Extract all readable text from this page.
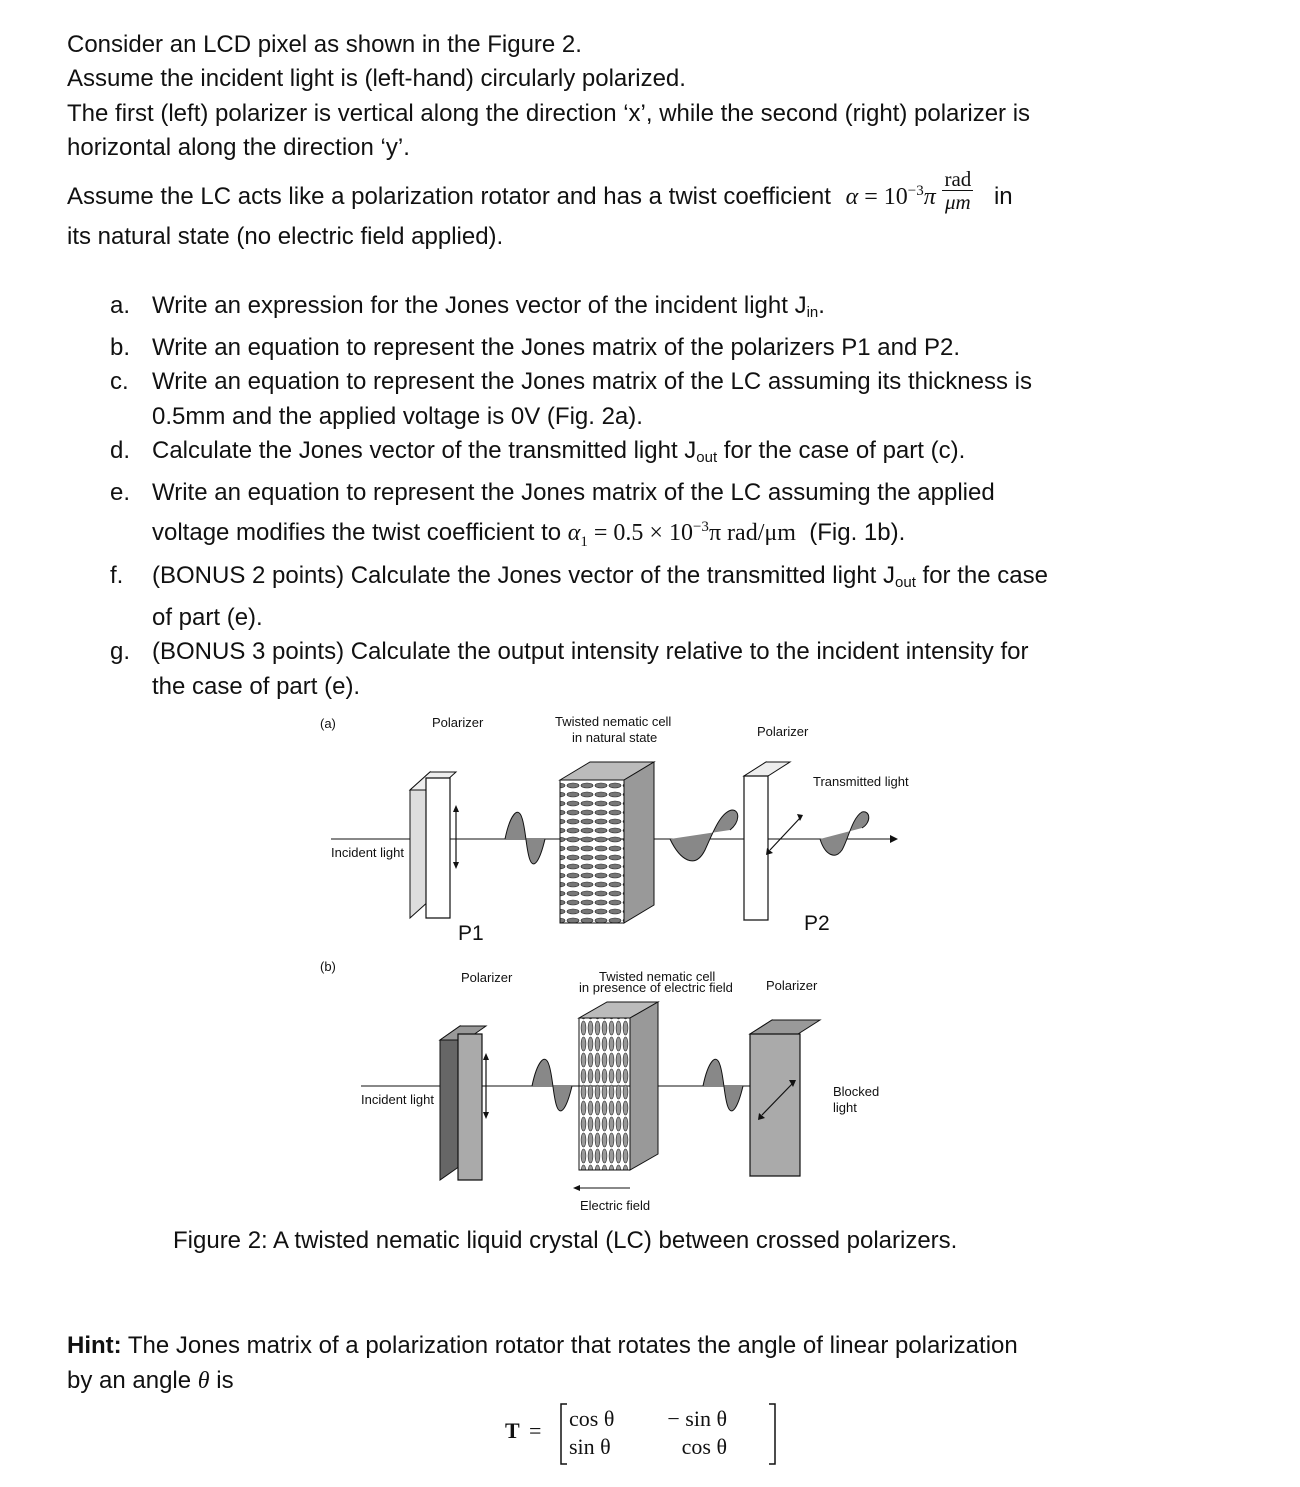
Consider an LCD pixel as shown in the Figure 2.

Assume the incident light is (left-hand) circularly polarized.

The first (left) polarizer is vertical along the direction ‘x’, while the second (right) polarizer is

horizontal along the direction ‘y’.

Assume the LC acts like a polarization rotator and has a twist coefficient $\alpha = 10^{-3}\pi \frac{\text{rad}}{\mu m}$ in

its natural state (no electric field applied).

a. Write an expression for the Jones vector of the incident light $J_{in}$.
b. Write an equation to represent the Jones matrix of the polarizers P1 and P2.
c. Write an equation to represent the Jones matrix of the LC assuming its thickness is
0.5mm and the applied voltage is 0V (Fig. 2a).
d. Calculate the Jones vector of the transmitted light $J_{out}$ for the case of part (c).
e. Write an equation to represent the Jones matrix of the LC assuming the applied
voltage modifies the twist coefficient to $\alpha_1 = 0.5 \times 10^{-3}\pi$ rad/μm  (Fig. 1b).
f. (BONUS 2 points) Calculate the Jones vector of the transmitted light $J_{out}$ for the case
of part (e).
g. (BONUS 3 points) Calculate the output intensity relative to the incident intensity for
the case of part (e).
(a)	Polarizer	Twisted nematic cell
in natural state	Polarizer
Transmitted light
Incident light
P1	P2
(b)
Polarizer	Twisted nematic cell
in presence of electric field	Polarizer
Incident light
Blocked
light
Electric field
Figure 2: A twisted nematic liquid crystal (LC) between crossed polarizers.
Hint: The Jones matrix of a polarization rotator that rotates the angle of linear polarization
by an angle θ is
T = cos θ	− sin θ
sin θ	cos θ
